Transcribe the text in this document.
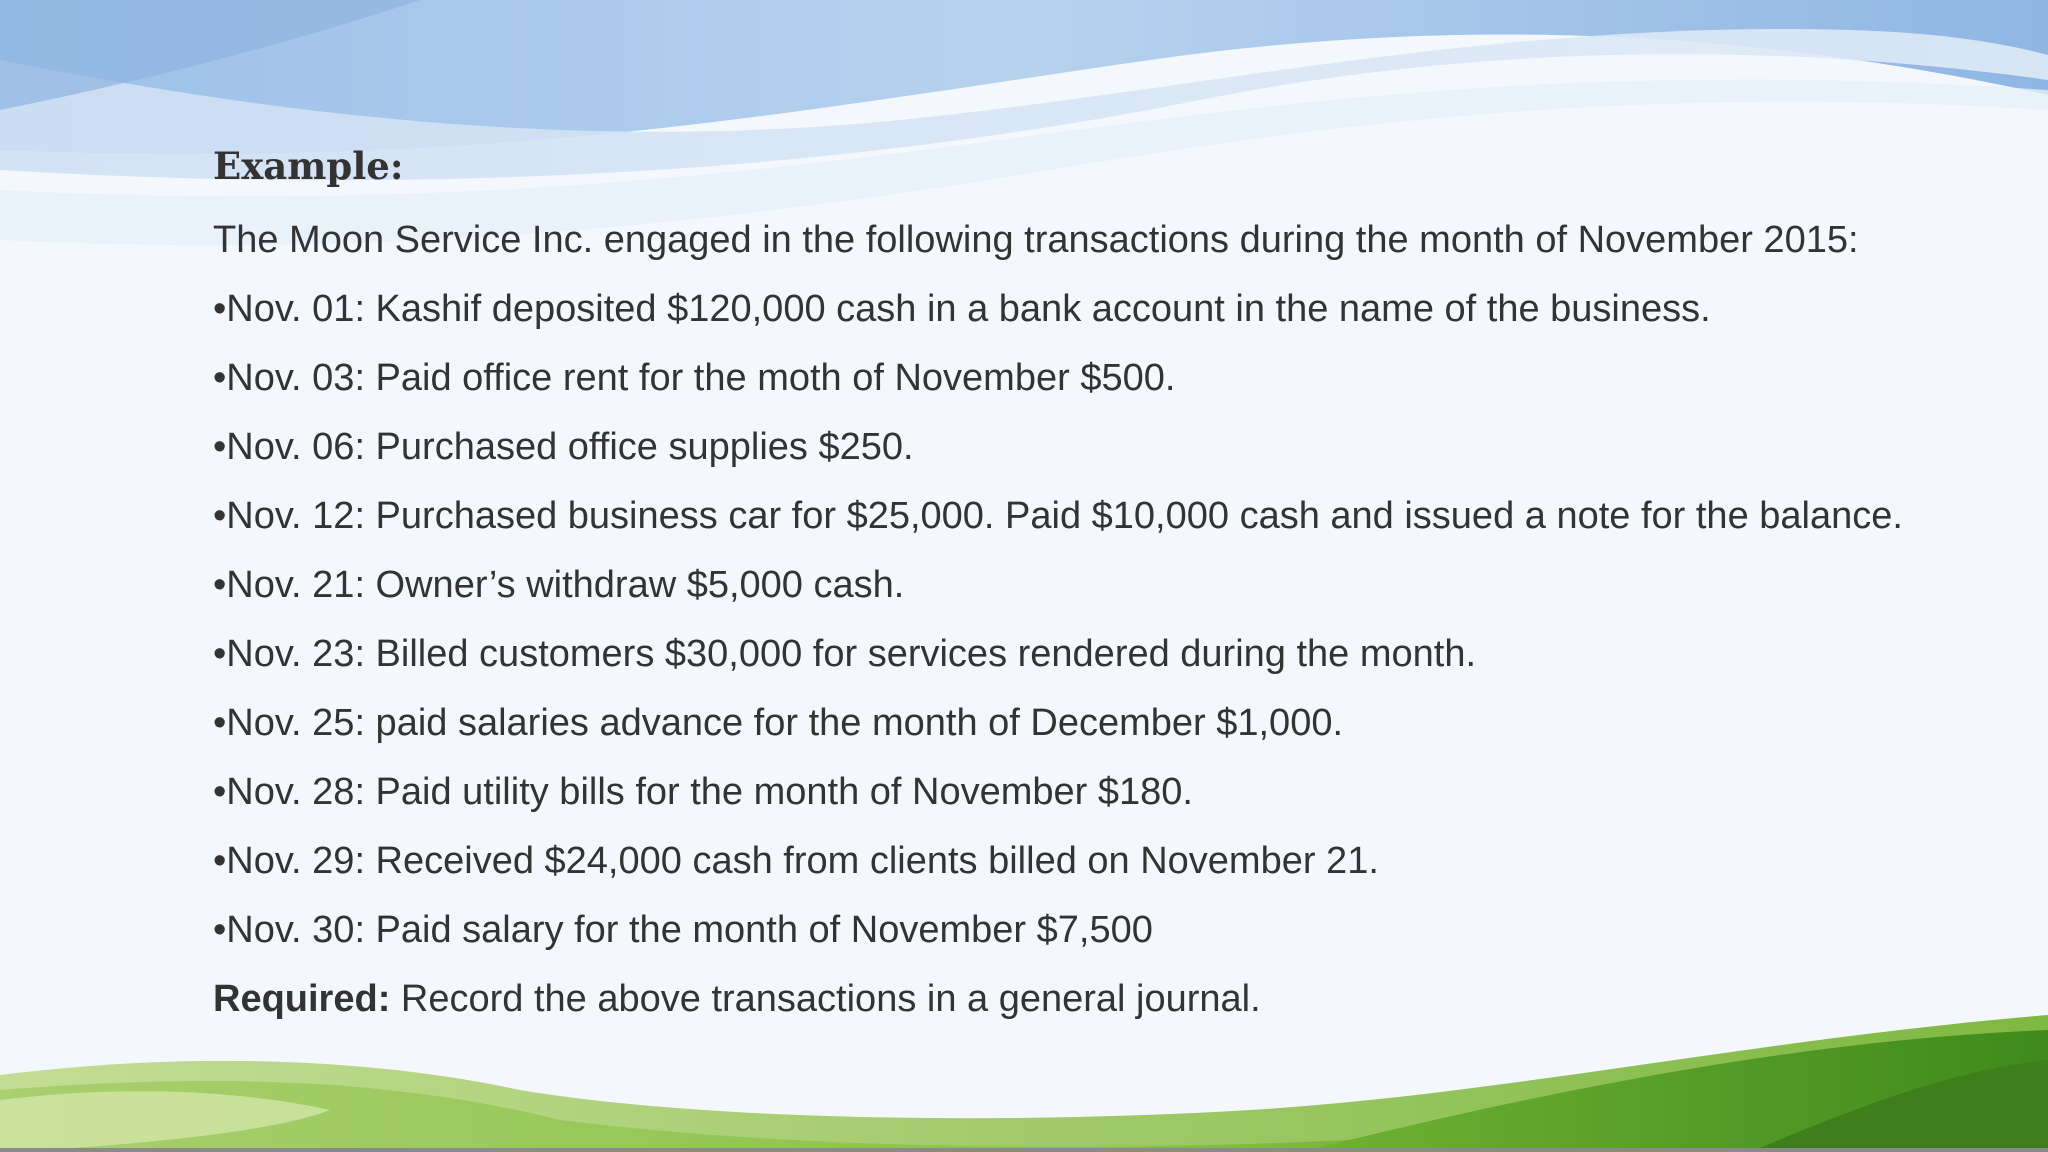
Example:
The Moon Service Inc. engaged in the following transactions during the month of November 2015:
•Nov. 01: Kashif deposited $120,000 cash in a bank account in the name of the business.
•Nov. 03: Paid office rent for the moth of November $500.
•Nov. 06: Purchased office supplies $250.
•Nov. 12: Purchased business car for $25,000. Paid $10,000 cash and issued a note for the balance.
•Nov. 21: Owner’s withdraw $5,000 cash.
•Nov. 23: Billed customers $30,000 for services rendered during the month.
•Nov. 25: paid salaries advance for the month of December $1,000.
•Nov. 28: Paid utility bills for the month of November $180.
•Nov. 29: Received $24,000 cash from clients billed on November 21.
•Nov. 30: Paid salary for the month of November $7,500
Required: Record the above transactions in a general journal.
